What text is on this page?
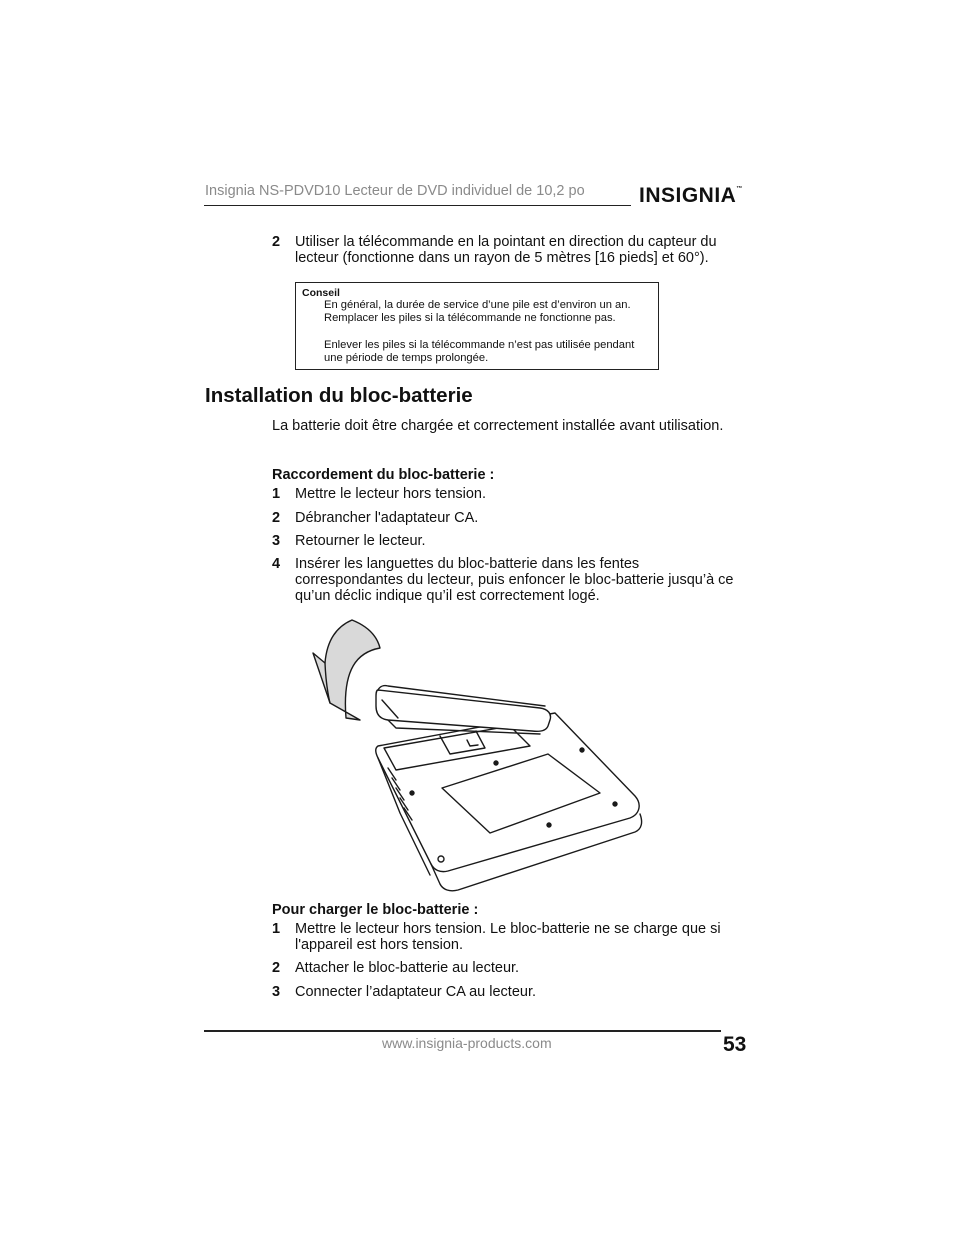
Insignia NS-PDVD10 Lecteur de DVD individuel de 10,2 po	INSIGNIA™
2	Utiliser la télécommande en la pointant en direction du capteur du lecteur (fonctionne dans un rayon de 5 mètres [16 pieds] et 60°).
Conseil
En général, la durée de service d’une pile est d’environ un an. Remplacer les piles si la télécommande ne fonctionne pas.
Enlever les piles si la télécommande n’est pas utilisée pendant une période de temps prolongée.
Installation du bloc-batterie
La batterie doit être chargée et correctement installée avant utilisation.
Raccordement du bloc-batterie :
1	Mettre le lecteur hors tension.
2	Débrancher l'adaptateur CA.
3	Retourner le lecteur.
4	Insérer les languettes du bloc-batterie dans les fentes correspondantes du lecteur, puis enfoncer le bloc-batterie jusqu’à ce qu’un déclic indique qu’il est correctement logé.
Pour charger le bloc-batterie :
1	Mettre le lecteur hors tension. Le bloc-batterie ne se charge que si l'appareil est hors tension.
2	Attacher le bloc-batterie au lecteur.
3	Connecter l’adaptateur CA au lecteur.
www.insignia-products.com	53
